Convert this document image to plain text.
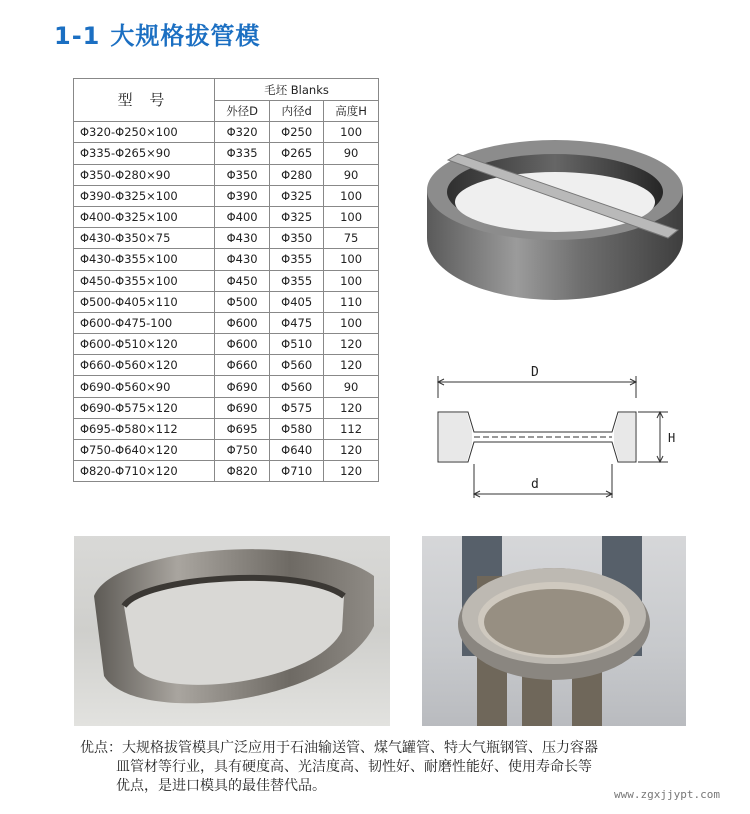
1-1 大规格拔管模
型 号	毛坯 Blanks		
	外径D	内径d	高度H
Φ320-Φ250×100	Φ320	Φ250	100
Φ335-Φ265×90	Φ335	Φ265	90
Φ350-Φ280×90	Φ350	Φ280	90
Φ390-Φ325×100	Φ390	Φ325	100
Φ400-Φ325×100	Φ400	Φ325	100
Φ430-Φ350×75	Φ430	Φ350	75
Φ430-Φ355×100	Φ430	Φ355	100
Φ450-Φ355×100	Φ450	Φ355	100
Φ500-Φ405×110	Φ500	Φ405	110
Φ600-Φ475-100	Φ600	Φ475	100
Φ600-Φ510×120	Φ600	Φ510	120
Φ660-Φ560×120	Φ660	Φ560	120
Φ690-Φ560×90	Φ690	Φ560	90
Φ690-Φ575×120	Φ690	Φ575	120
Φ695-Φ580×112	Φ695	Φ580	112
Φ750-Φ640×120	Φ750	Φ640	120
Φ820-Φ710×120	Φ820	Φ710	120
D
d
H
优点：大规格拔管模具广泛应用于石油输送管、煤气罐管、特大气瓶钢管、压力容器
皿管材等行业，具有硬度高、光洁度高、韧性好、耐磨性能好、使用寿命长等
优点，是进口模具的最佳替代品。
www.zgxjjypt.com
